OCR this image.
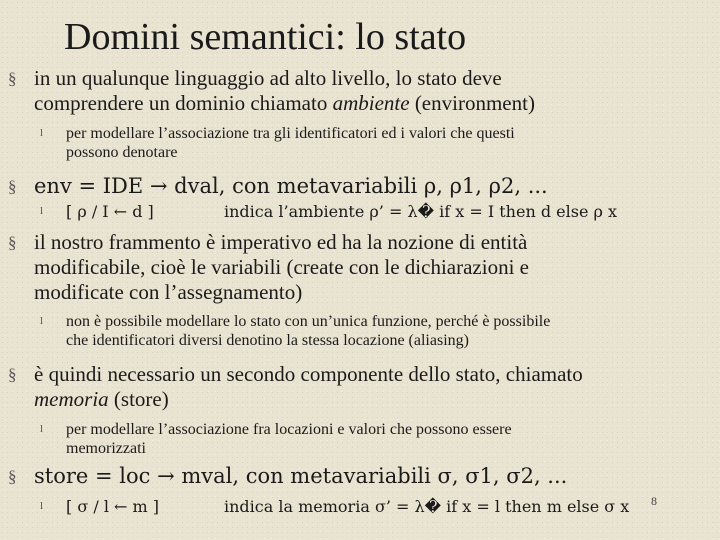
Domini semantici: lo stato
§ in un qualunque linguaggio ad alto livello, lo stato deve
comprendere un dominio chiamato ambiente (environment)
l per modellare l’associazione tra gli identificatori ed i valori che questi
possono denotare
§ env = IDE → dval, con metavariabili ρ, ρ1, ρ2, ...
l [ ρ / I ← d ]	indica l’ambiente ρ’ = λ� if x = I then d else ρ x
§ il nostro frammento è imperativo ed ha la nozione di entità
modificabile, cioè le variabili (create con le dichiarazioni e
modificate con l’assegnamento)
l non è possibile modellare lo stato con un’unica funzione, perché è possibile
che identificatori diversi denotino la stessa locazione (aliasing)
§ è quindi necessario un secondo componente dello stato, chiamato
memoria (store)
l per modellare l’associazione fra locazioni e valori che possono essere
memorizzati
§ store = loc → mval, con metavariabili σ, σ1, σ2, ...
l [ σ / l ← m ]	indica la memoria σ’ = λ� if x = l then m else σ x 8
